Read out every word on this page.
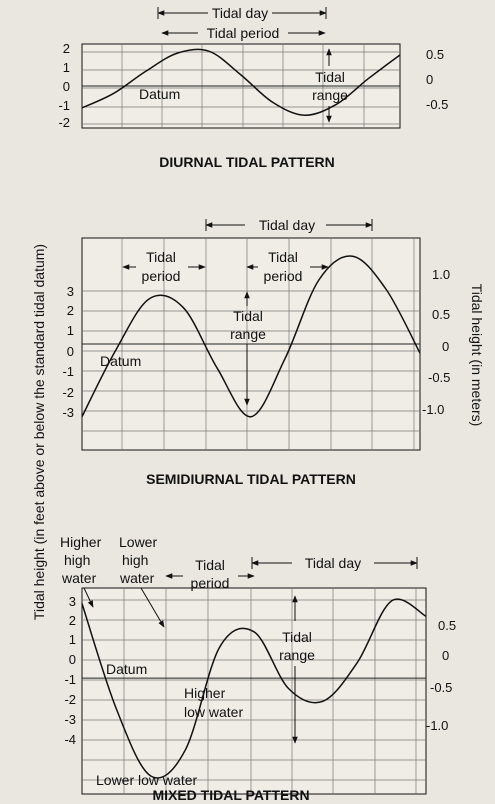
Tidal height (in feet above or below the standard tidal datum)	Tidal height (in meters)
2
1
0
-1
-2
0.5
0
-0.5
Tidal day
Tidal period
Datum
Tidal
range
DIURNAL TIDAL PATTERN
3
2
1
0
-1
-2
-3
1.0
0.5
0
-0.5
-1.0
Tidal day
Tidal
period
Tidal
period
Datum
Tidal
range
SEMIDIURNAL TIDAL PATTERN
3
2
1
0
-1
-2
-3
-4
0.5
0
-0.5
-1.0
Higher
high
water
Lower
high
water
Tidal
period
Tidal day
Datum
Tidal
range
Higher
low water
Lower low water
MIXED TIDAL PATTERN
